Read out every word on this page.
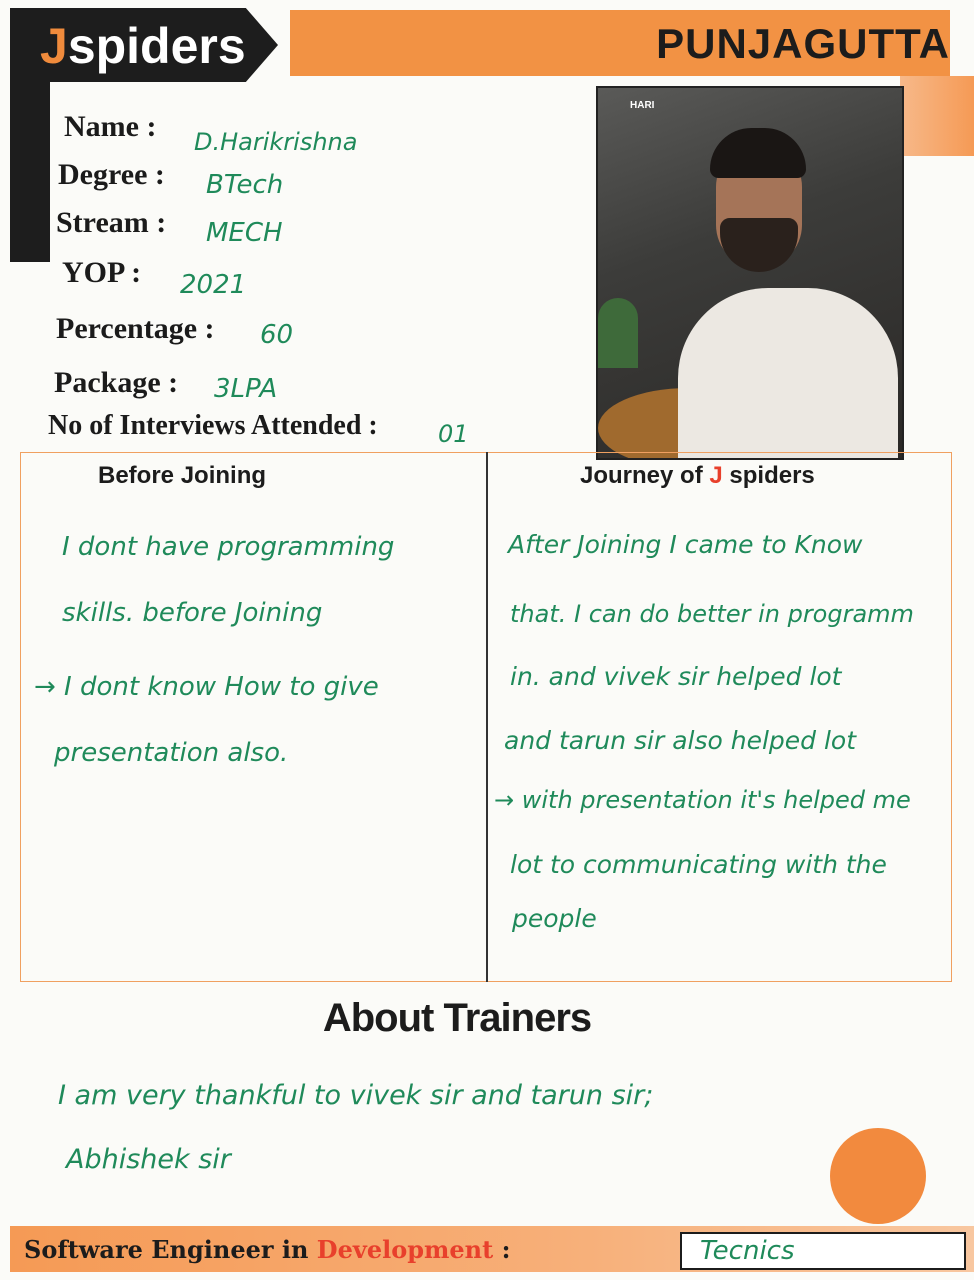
Jspiders	PUNJAGUTTA
HARI
Name : D.Harikrishna
Degree : BTech
Stream : MECH
YOP : 2021
Percentage : 60
Package : 3LPA
No of Interviews Attended :	01
Before Joining	Journey of J spiders
I dont have programming
skills. before Joining
→ I dont know How to give
presentation also.
After Joining I came to Know
that. I can do better in programm
in. and vivek sir helped lot
and tarun sir also helped lot
→ with presentation it's helped me
lot to communicating with the
people
About Trainers
I am very thankful to vivek sir and tarun sir;
Abhishek sir
Software Engineer in Development :	Tecnics
